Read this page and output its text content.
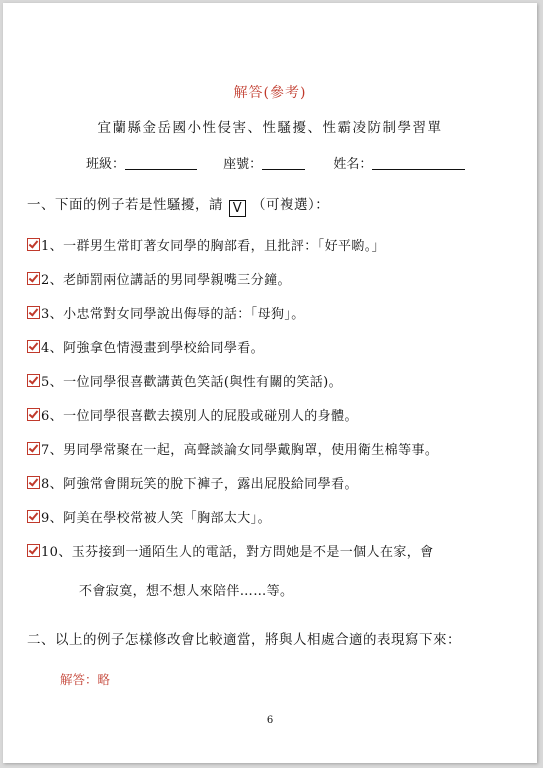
解答(參考)
宜蘭縣金岳國小性侵害、性騷擾、性霸凌防制學習單
班級：	座號：	姓名：
一、下面的例子若是性騷擾，請 V （可複選）：
1、一群男生常盯著女同學的胸部看，且批評：「好平喲。」
2、老師罰兩位講話的男同學親嘴三分鐘。
3、小忠常對女同學說出侮辱的話：「母狗」。
4、阿強拿色情漫畫到學校給同學看。
5、一位同學很喜歡講黃色笑話(與性有關的笑話)。
6、一位同學很喜歡去摸別人的屁股或碰別人的身體。
7、男同學常聚在一起，高聲談論女同學戴胸罩，使用衛生棉等事。
8、阿強常會開玩笑的脫下褲子，露出屁股給同學看。
9、阿美在學校常被人笑「胸部太大」。
10、玉芬接到一通陌生人的電話，對方問她是不是一個人在家，會
不會寂寞，想不想人來陪伴……等。
二、以上的例子怎樣修改會比較適當，將與人相處合適的表現寫下來：
解答：略
6
